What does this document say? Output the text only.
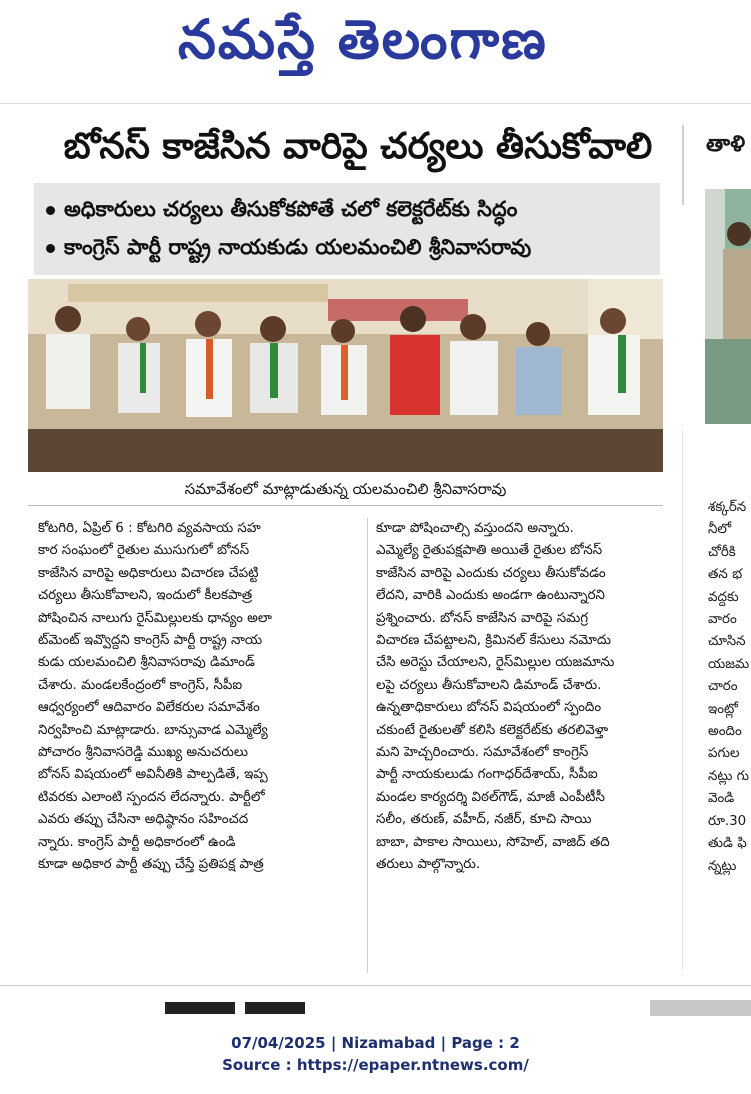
నమస్తే తెలంగాణ
బోనస్ కాజేసిన వారిపై చర్యలు తీసుకోవాలి
అధికారులు చర్యలు తీసుకోకపోతే చలో కలెక్టరేట్‌కు సిద్ధం
కాంగ్రెస్ పార్టీ రాష్ట్ర నాయకుడు యలమంచిలి శ్రీనివాసరావు
సమావేశంలో మాట్లాడుతున్న యలమంచిలి శ్రీనివాసరావు
కోటగిరి, ఏప్రిల్ 6 : కోటగిరి వ్యవసాయ సహ
కార సంఘంలో రైతుల ముసుగులో బోనస్
కాజేసిన వారిపై అధికారులు విచారణ చేపట్టి
చర్యలు తీసుకోవాలని, ఇందులో కీలకపాత్ర
పోషించిన నాలుగు రైస్‌మిల్లులకు ధాన్యం అలా
ట్‌మెంట్ ఇవ్వొద్దని కాంగ్రెస్ పార్టీ రాష్ట్ర నాయ
కుడు యలమంచిలి శ్రీనివాసరావు డిమాండ్
చేశారు. మండలకేంద్రంలో కాంగ్రెస్, సీపీఐ
ఆధ్వర్యంలో ఆదివారం విలేకరుల సమావేశం
నిర్వహించి మాట్లాడారు. బాన్సువాడ ఎమ్మెల్యే
పోచారం శ్రీనివాసరెడ్డి ముఖ్య అనుచరులు
బోనస్ విషయంలో అవినీతికి పాల్పడితే, ఇప్ప
టివరకు ఎలాంటి స్పందన లేదన్నారు. పార్టీలో
ఎవరు తప్పు చేసినా అధిష్ఠానం సహించద
న్నారు. కాంగ్రెస్ పార్టీ అధికారంలో ఉండి
కూడా అధికార పార్టీ తప్పు చేస్తే ప్రతిపక్ష పాత్ర
కూడా పోషించాల్సి వస్తుందని అన్నారు.
ఎమ్మెల్యే రైతుపక్షపాతి అయితే రైతుల బోనస్
కాజేసిన వారిపై ఎందుకు చర్యలు తీసుకోవడం
లేదని, వారికి ఎందుకు అండగా ఉంటున్నారని
ప్రశ్నించారు. బోనస్ కాజేసిన వారిపై సమగ్ర
విచారణ చేపట్టాలని, క్రిమినల్ కేసులు నమోదు
చేసి అరెస్టు చేయాలని, రైస్‌మిల్లుల యజమాను
లపై చర్యలు తీసుకోవాలని డిమాండ్ చేశారు.
ఉన్నతాధికారులు బోనస్ విషయంలో స్పందిం
చకుంటే రైతులతో కలిసి కలెక్టరేట్‌కు తరలివెళ్తా
మని హెచ్చరించారు. సమావేశంలో కాంగ్రెస్
పార్టీ నాయకులుడు గంగాధర్‌దేశాయ్, సీపీఐ
మండల కార్యదర్శి విఠల్‌గౌడ్, మాజీ ఎంపీటీసీ
సలీం, తరుణ్, వహీద్, నజీర్, కూచి సాయి
బాబా, పాకాల సాయిలు, సోహెల్, వాజిద్ తది
తరులు పాల్గొన్నారు.
తాళి
శక్కర్‌న
నీలో
చోరీకి
తన భ
వద్దకు
వారం
చూసిన
యజమ
చారం
ఇంట్లో
అందిం
పగుల
నట్లు గు
వెండి
రూ.30
తుడి ఫి
న్నట్లు
07/04/2025 | Nizamabad | Page : 2
Source : https://epaper.ntnews.com/
